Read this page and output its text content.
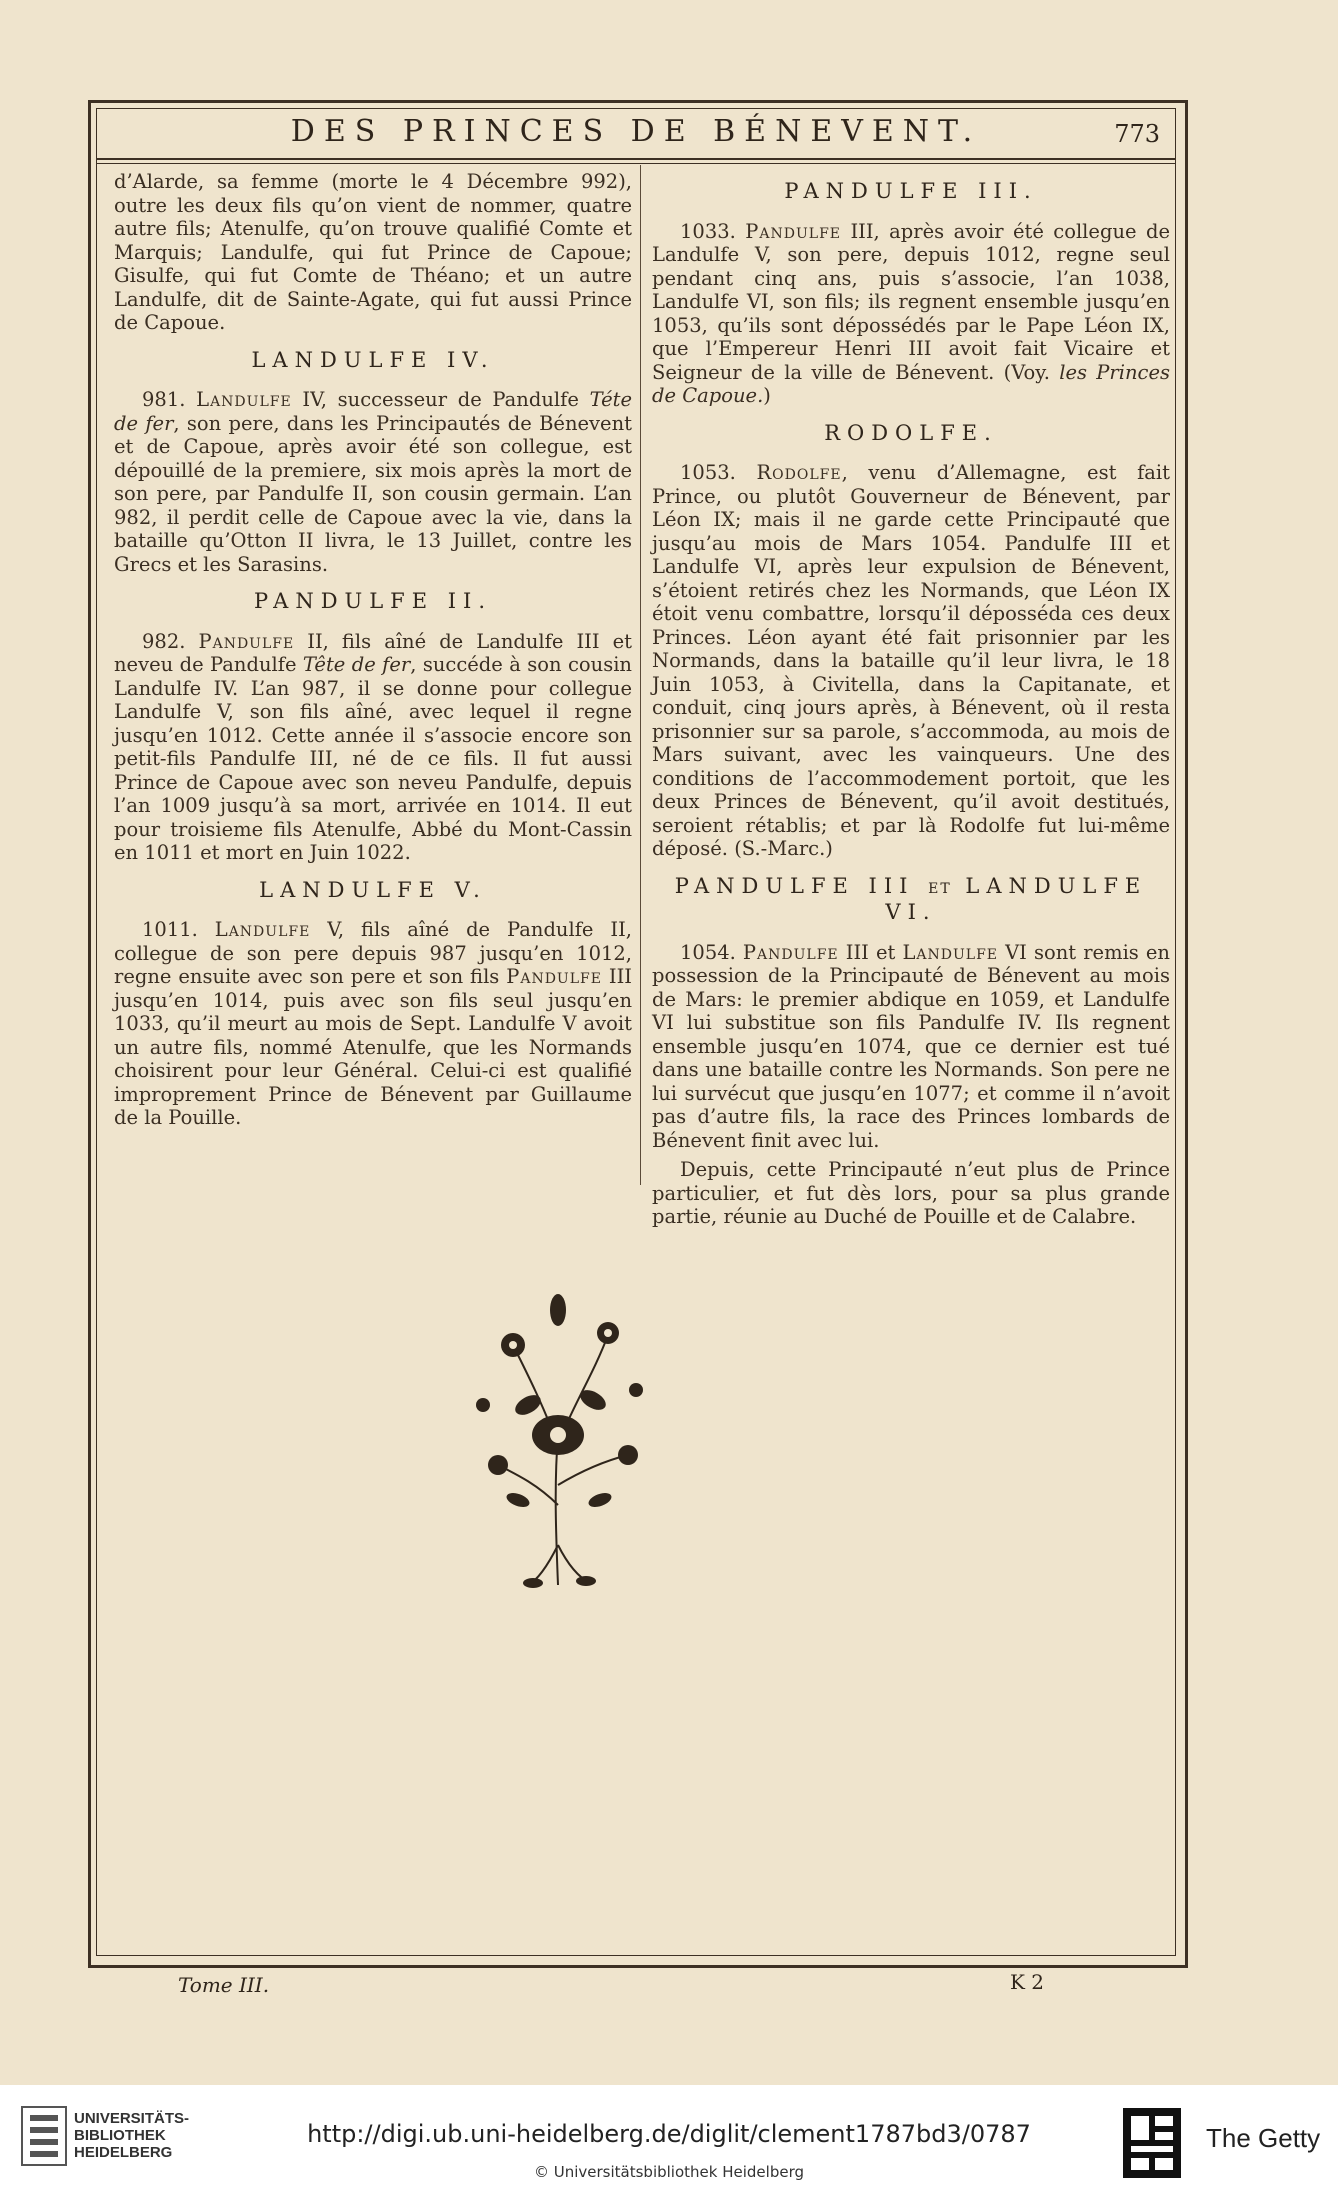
DES PRINCES DE BÉNEVENT.	773

d’Alarde, sa femme (morte le 4 Décembre 992), outre les deux fils qu’on vient de nommer, quatre autre fils; Atenulfe, qu’on trouve qualifié Comte et Marquis; Landulfe, qui fut Prince de Capoue; Gisulfe, qui fut Comte de Théano; et un autre Landulfe, dit de Sainte-Agate, qui fut aussi Prince de Capoue.

LANDULFE IV.

981. Landulfe IV, successeur de Pandulfe Téte de fer, son pere, dans les Principautés de Bénevent et de Capoue, après avoir été son collegue, est dépouillé de la premiere, six mois après la mort de son pere, par Pandulfe II, son cousin germain. L’an 982, il perdit celle de Capoue avec la vie, dans la bataille qu’Otton II livra, le 13 Juillet, contre les Grecs et les Sarasins.

PANDULFE II.

982. Pandulfe II, fils aîné de Landulfe III et neveu de Pandulfe Tête de fer, succéde à son cousin Landulfe IV. L’an 987, il se donne pour collegue Landulfe V, son fils aîné, avec lequel il regne jusqu’en 1012. Cette année il s’associe encore son petit-fils Pandulfe III, né de ce fils. Il fut aussi Prince de Capoue avec son neveu Pandulfe, depuis l’an 1009 jusqu’à sa mort, arrivée en 1014. Il eut pour troisieme fils Atenulfe, Abbé du Mont-Cassin en 1011 et mort en Juin 1022.

LANDULFE V.

1011. Landulfe V, fils aîné de Pandulfe II, collegue de son pere depuis 987 jusqu’en 1012, regne ensuite avec son pere et son fils Pandulfe III jusqu’en 1014, puis avec son fils seul jusqu’en 1033, qu’il meurt au mois de Sept. Landulfe V avoit un autre fils, nommé Atenulfe, que les Normands choisirent pour leur Général. Celui-ci est qualifié improprement Prince de Bénevent par Guillaume de la Pouille.

PANDULFE III.

1033. Pandulfe III, après avoir été collegue de Landulfe V, son pere, depuis 1012, regne seul pendant cinq ans, puis s’associe, l’an 1038, Landulfe VI, son fils; ils regnent ensemble jusqu’en 1053, qu’ils sont dépossédés par le Pape Léon IX, que l’Empereur Henri III avoit fait Vicaire et Seigneur de la ville de Bénevent. (Voy. les Princes de Capoue.)

RODOLFE.

1053. Rodolfe, venu d’Allemagne, est fait Prince, ou plutôt Gouverneur de Bénevent, par Léon IX; mais il ne garde cette Principauté que jusqu’au mois de Mars 1054. Pandulfe III et Landulfe VI, après leur expulsion de Bénevent, s’étoient retirés chez les Normands, que Léon IX étoit venu combattre, lorsqu’il déposséda ces deux Princes. Léon ayant été fait prisonnier par les Normands, dans la bataille qu’il leur livra, le 18 Juin 1053, à Civitella, dans la Capitanate, et conduit, cinq jours après, à Bénevent, où il resta prisonnier sur sa parole, s’accommoda, au mois de Mars suivant, avec les vainqueurs. Une des conditions de l’accommodement portoit, que les deux Princes de Bénevent, qu’il avoit destitués, seroient rétablis; et par là Rodolfe fut lui-même déposé. (S.-Marc.)

PANDULFE III ET LANDULFE VI.

1054. Pandulfe III et Landulfe VI sont remis en possession de la Principauté de Bénevent au mois de Mars: le premier abdique en 1059, et Landulfe VI lui substitue son fils Pandulfe IV. Ils regnent ensemble jusqu’en 1074, que ce dernier est tué dans une bataille contre les Normands. Son pere ne lui survécut que jusqu’en 1077; et comme il n’avoit pas d’autre fils, la race des Princes lombards de Bénevent finit avec lui.

Depuis, cette Principauté n’eut plus de Prince particulier, et fut dès lors, pour sa plus grande partie, réunie au Duché de Pouille et de Calabre.

Tome III.	K 2
UNIVERSITÄTS-
BIBLIOTHEK
HEIDELBERG
http://digi.ub.uni-heidelberg.de/diglit/clement1787bd3/0787
© Universitätsbibliothek Heidelberg
The Getty
